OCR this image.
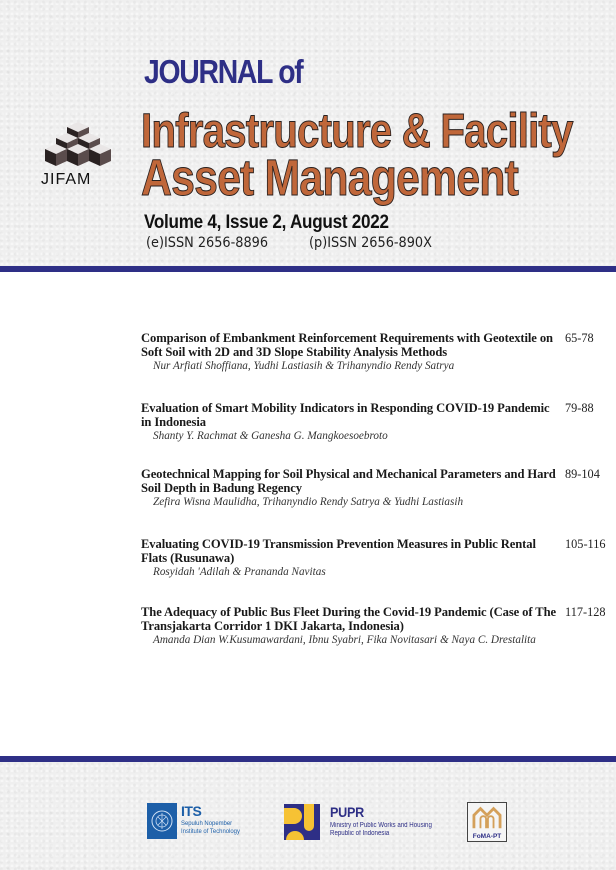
JIFAM
JOURNAL of
Infrastructure & Facility
Asset Management
Volume 4, Issue 2, August 2022
(e)ISSN 2656-8896	(p)ISSN 2656-890X
Comparison of Embankment Reinforcement Requirements with Geotextile on Soft Soil with 2D and 3D Slope Stability Analysis Methods
Nur Arfiati Shoffiana, Yudhi Lastiasih & Trihanyndio Rendy Satrya
65-78
Evaluation of Smart Mobility Indicators in Responding COVID-19 Pandemic in Indonesia
Shanty Y. Rachmat & Ganesha G. Mangkoesoebroto
79-88
Geotechnical Mapping for Soil Physical and Mechanical Parameters and Hard Soil Depth in Badung Regency
Zefira Wisna Maulidha, Trihanyndio Rendy Satrya & Yudhi Lastiasih
89-104
Evaluating COVID-19 Transmission Prevention Measures in Public Rental Flats (Rusunawa)
Rosyidah 'Adilah & Prananda Navitas
105-116
The Adequacy of Public Bus Fleet During the Covid-19 Pandemic (Case of The Transjakarta Corridor 1 DKI Jakarta, Indonesia)
Amanda Dian W.Kusumawardani, Ibnu Syabri, Fika Novitasari & Naya C. Drestalita
117-128
ITS
Sepuluh Nopember
Institute of Technology
PUPR
Ministry of Public Works and Housing
Republic of Indonesia	FoMA-PT
